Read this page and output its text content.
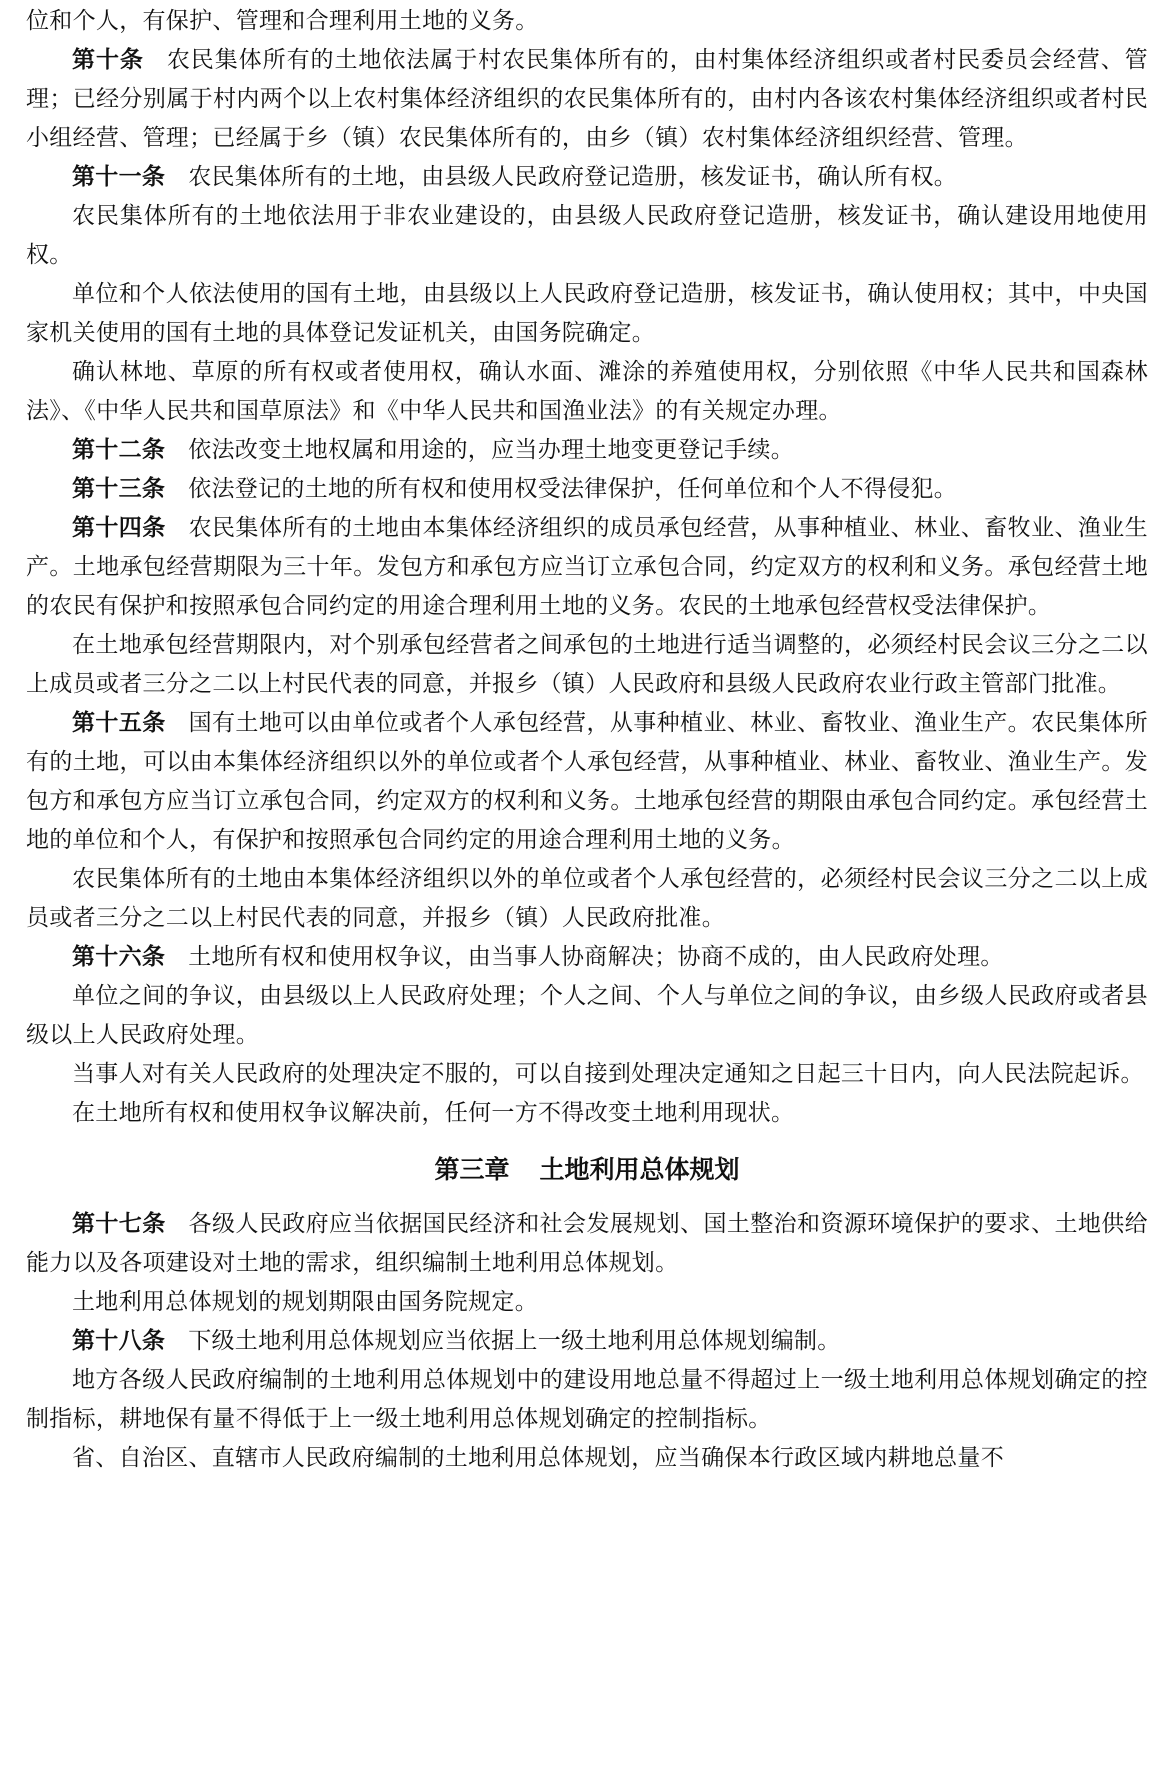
位和个人，有保护、管理和合理利用土地的义务。

第十条 农民集体所有的土地依法属于村农民集体所有的，由村集体经济组织或者村民委员会经营、管理；已经分别属于村内两个以上农村集体经济组织的农民集体所有的，由村内各该农村集体经济组织或者村民小组经营、管理；已经属于乡（镇）农民集体所有的，由乡（镇）农村集体经济组织经营、管理。

第十一条 农民集体所有的土地，由县级人民政府登记造册，核发证书，确认所有权。

农民集体所有的土地依法用于非农业建设的，由县级人民政府登记造册，核发证书，确认建设用地使用权。

单位和个人依法使用的国有土地，由县级以上人民政府登记造册，核发证书，确认使用权；其中，中央国家机关使用的国有土地的具体登记发证机关，由国务院确定。

确认林地、草原的所有权或者使用权，确认水面、滩涂的养殖使用权，分别依照《中华人民共和国森林法》、《中华人民共和国草原法》和《中华人民共和国渔业法》的有关规定办理。

第十二条 依法改变土地权属和用途的，应当办理土地变更登记手续。

第十三条 依法登记的土地的所有权和使用权受法律保护，任何单位和个人不得侵犯。

第十四条 农民集体所有的土地由本集体经济组织的成员承包经营，从事种植业、林业、畜牧业、渔业生产。土地承包经营期限为三十年。发包方和承包方应当订立承包合同，约定双方的权利和义务。承包经营土地的农民有保护和按照承包合同约定的用途合理利用土地的义务。农民的土地承包经营权受法律保护。

在土地承包经营期限内，对个别承包经营者之间承包的土地进行适当调整的，必须经村民会议三分之二以上成员或者三分之二以上村民代表的同意，并报乡（镇）人民政府和县级人民政府农业行政主管部门批准。

第十五条 国有土地可以由单位或者个人承包经营，从事种植业、林业、畜牧业、渔业生产。农民集体所有的土地，可以由本集体经济组织以外的单位或者个人承包经营，从事种植业、林业、畜牧业、渔业生产。发包方和承包方应当订立承包合同，约定双方的权利和义务。土地承包经营的期限由承包合同约定。承包经营土地的单位和个人，有保护和按照承包合同约定的用途合理利用土地的义务。

农民集体所有的土地由本集体经济组织以外的单位或者个人承包经营的，必须经村民会议三分之二以上成员或者三分之二以上村民代表的同意，并报乡（镇）人民政府批准。

第十六条 土地所有权和使用权争议，由当事人协商解决；协商不成的，由人民政府处理。

单位之间的争议，由县级以上人民政府处理；个人之间、个人与单位之间的争议，由乡级人民政府或者县级以上人民政府处理。

当事人对有关人民政府的处理决定不服的，可以自接到处理决定通知之日起三十日内，向人民法院起诉。

在土地所有权和使用权争议解决前，任何一方不得改变土地利用现状。

第三章 土地利用总体规划

第十七条 各级人民政府应当依据国民经济和社会发展规划、国土整治和资源环境保护的要求、土地供给能力以及各项建设对土地的需求，组织编制土地利用总体规划。

土地利用总体规划的规划期限由国务院规定。

第十八条 下级土地利用总体规划应当依据上一级土地利用总体规划编制。

地方各级人民政府编制的土地利用总体规划中的建设用地总量不得超过上一级土地利用总体规划确定的控制指标，耕地保有量不得低于上一级土地利用总体规划确定的控制指标。

省、自治区、直辖市人民政府编制的土地利用总体规划，应当确保本行政区域内耕地总量不
